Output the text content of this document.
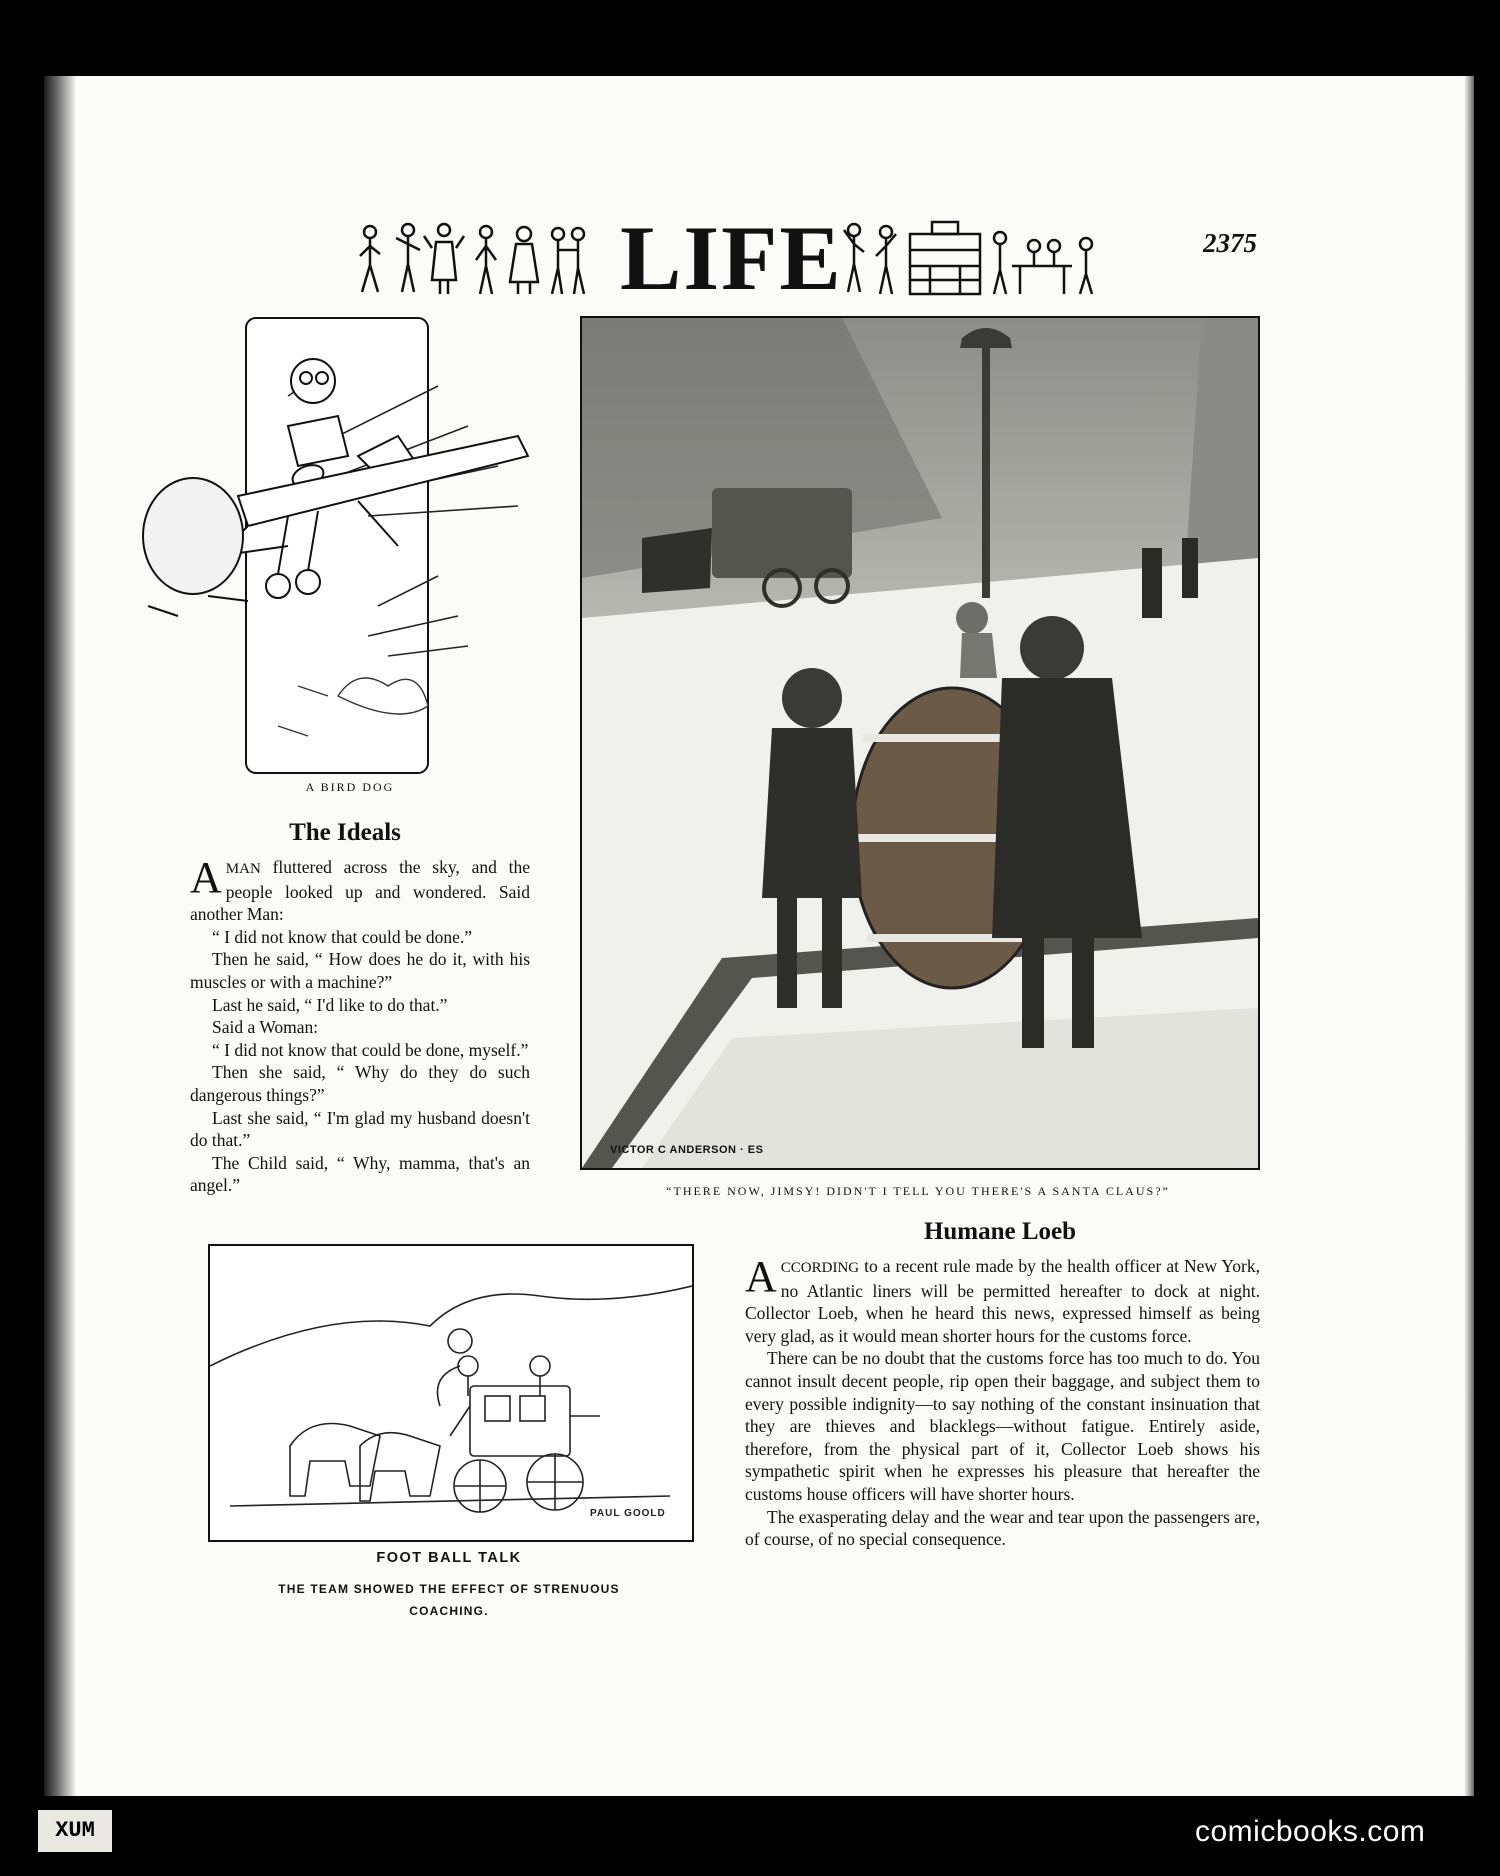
LIFE	2375
A BIRD DOG
The Ideals

AMAN fluttered across the sky, and the people looked up and wondered. Said another Man:

“ I did not know that could be done.”

Then he said, “ How does he do it, with his muscles or with a machine?”

Last he said, “ I'd like to do that.”

Said a Woman:

“ I did not know that could be done, myself.”

Then she said, “ Why do they do such dangerous things?”

Last she said, “ I'm glad my husband doesn't do that.”

The Child said, “ Why, mamma, that's an angel.”

VICTOR C ANDERSON · ES
“THERE NOW, JIMSY! DIDN'T I TELL YOU THERE'S A SANTA CLAUS?”
PAUL GOOLD
FOOT BALL TALK
THE TEAM SHOWED THE EFFECT OF STRENUOUS
COACHING.
Humane Loeb

ACCORDING to a recent rule made by the health officer at New York, no Atlantic liners will be permitted hereafter to dock at night. Collector Loeb, when he heard this news, expressed himself as being very glad, as it would mean shorter hours for the customs force.

There can be no doubt that the customs force has too much to do. You cannot insult decent people, rip open their baggage, and subject them to every possible indignity—to say nothing of the constant insinuation that they are thieves and blacklegs—without fatigue. Entirely aside, therefore, from the physical part of it, Collector Loeb shows his sympathetic spirit when he expresses his pleasure that hereafter the customs house officers will have shorter hours.

The exasperating delay and the wear and tear upon the passengers are, of course, of no special consequence.

XUM	comicbooks.com
